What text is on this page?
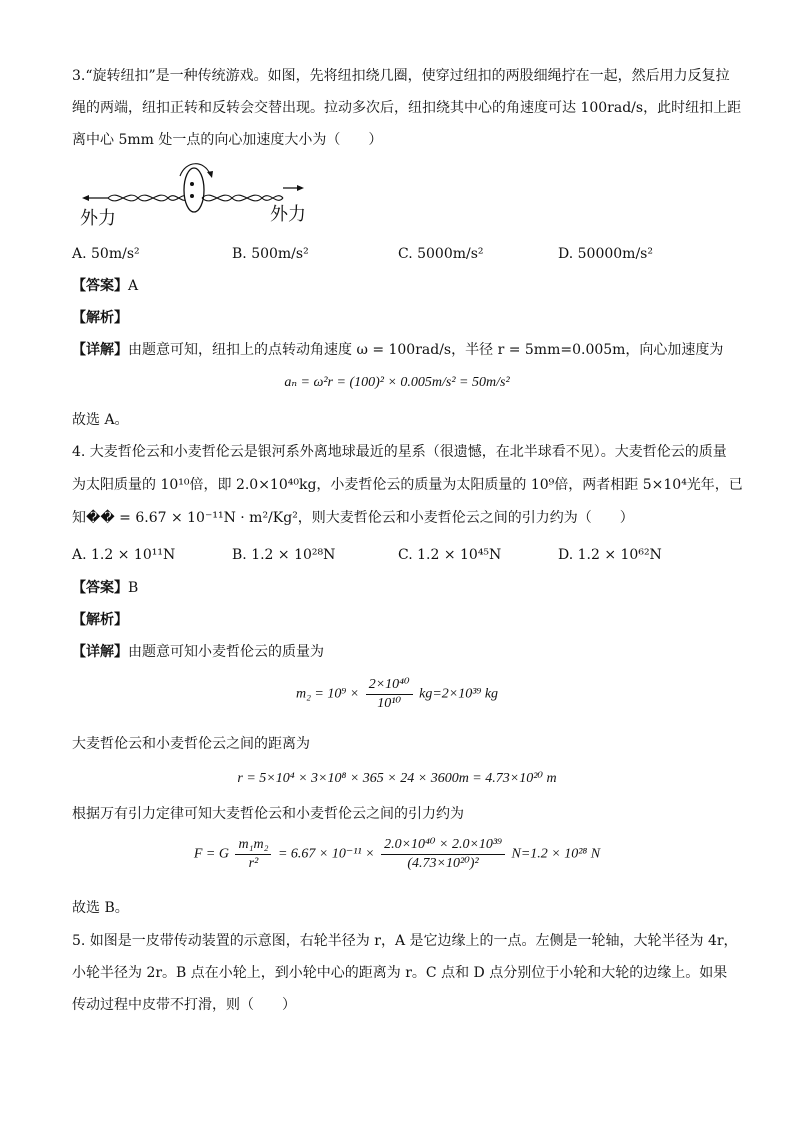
3.“旋转纽扣”是一种传统游戏。如图，先将纽扣绕几圈，使穿过纽扣的两股细绳拧在一起，然后用力反复拉
绳的两端，纽扣正转和反转会交替出现。拉动多次后，纽扣绕其中心的角速度可达 100rad/s，此时纽扣上距
离中心 5mm 处一点的向心加速度大小为（　　）
外力	外力
A. 50m/s²	B. 500m/s²	C. 5000m/s²	D. 50000m/s²
【答案】A
【解析】
【详解】由题意可知，纽扣上的点转动角速度 ω = 100rad/s，半径 r = 5mm=0.005m，向心加速度为
aₙ = ω²r = (100)² × 0.005m/s² = 50m/s²
故选 A。
4. 大麦哲伦云和小麦哲伦云是银河系外离地球最近的星系（很遗憾，在北半球看不见）。大麦哲伦云的质量
为太阳质量的 10¹⁰倍，即 2.0×10⁴⁰kg，小麦哲伦云的质量为太阳质量的 10⁹倍，两者相距 5×10⁴光年，已
知�� = 6.67 × 10⁻¹¹N · m²/Kg²，则大麦哲伦云和小麦哲伦云之间的引力约为（　　）
A. 1.2 × 10¹¹N	B. 1.2 × 10²⁸N	C. 1.2 × 10⁴⁵N	D. 1.2 × 10⁶²N
【答案】B
【解析】
【详解】由题意可知小麦哲伦云的质量为
$m_2 = 10^9 \times \frac{\text{2×10⁴⁰}}{\text{10¹⁰}} kg=2\times 10^{39}$ kg
大麦哲伦云和小麦哲伦云之间的距离为
r = 5×10⁴ × 3×10⁸ × 365 × 24 × 3600m = 4.73×10²⁰ m
根据万有引力定律可知大麦哲伦云和小麦哲伦云之间的引力约为
F = G $\frac{\text{m₁m₂}}{\text{r²}} = 6.67 \times 10^{-11} \times \frac{\text{2.0×10⁴⁰ × 2.0×10³⁹}}{\text{(4.73×10²⁰)²}} N=1.2 \times 10^{28}$ N
故选 B。
5. 如图是一皮带传动装置的示意图，右轮半径为 r，A 是它边缘上的一点。左侧是一轮轴，大轮半径为 4r，
小轮半径为 2r。B 点在小轮上，到小轮中心的距离为 r。C 点和 D 点分别位于小轮和大轮的边缘上。如果
传动过程中皮带不打滑，则（　　）
